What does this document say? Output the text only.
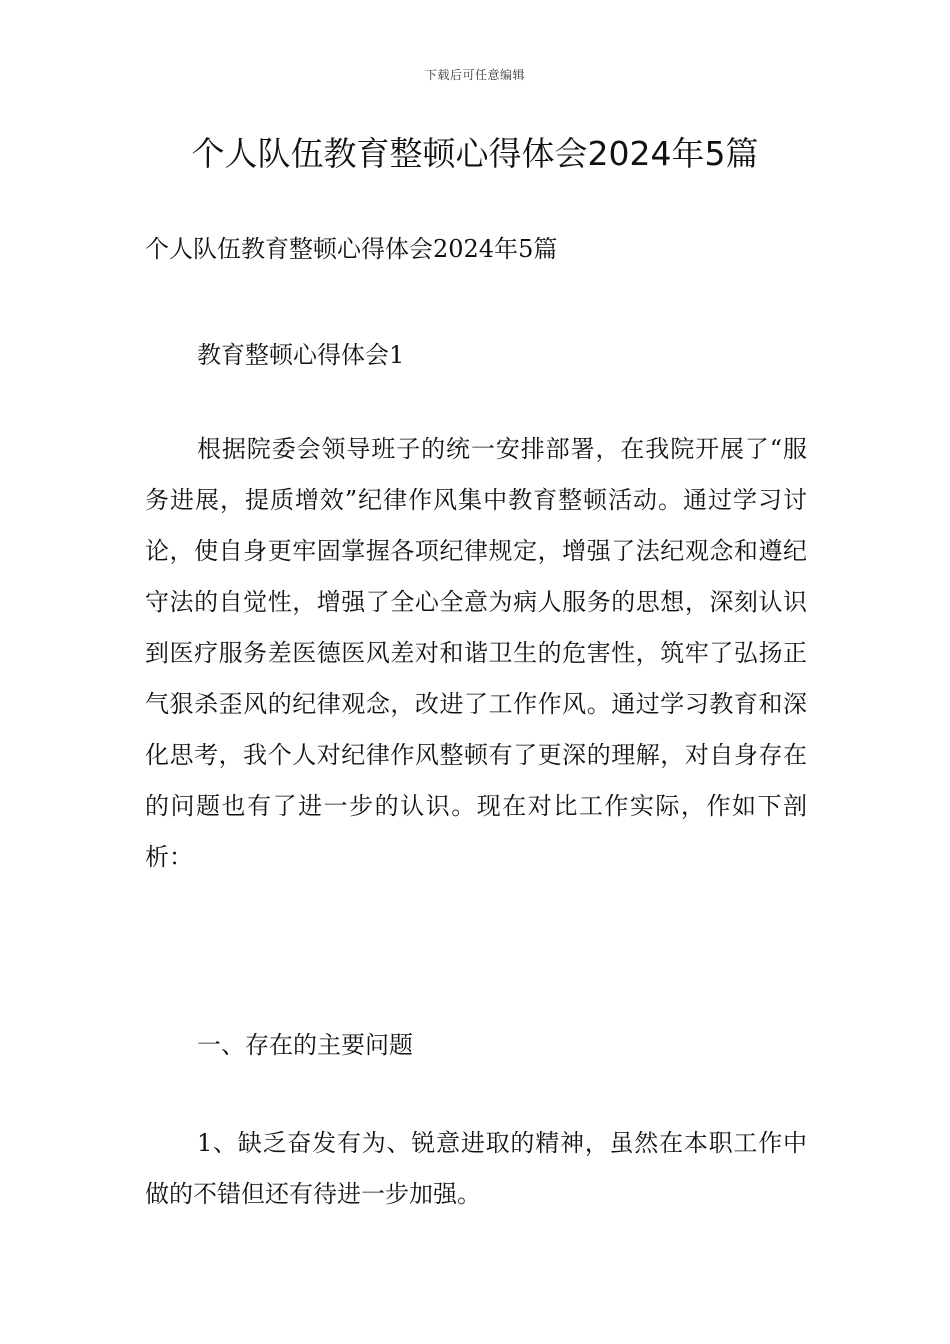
下载后可任意编辑
个人队伍教育整顿心得体会2024年5篇

个人队伍教育整顿心得体会2024年5篇

教育整顿心得体会1

根据院委会领导班子的统一安排部署，在我院开展了“服务进展，提质增效”纪律作风集中教育整顿活动。通过学习讨论，使自身更牢固掌握各项纪律规定，增强了法纪观念和遵纪守法的自觉性，增强了全心全意为病人服务的思想，深刻认识到医疗服务差医德医风差对和谐卫生的危害性，筑牢了弘扬正气狠杀歪风的纪律观念，改进了工作作风。通过学习教育和深化思考，我个人对纪律作风整顿有了更深的理解，对自身存在的问题也有了进一步的认识。现在对比工作实际，作如下剖析：

一、存在的主要问题

1、缺乏奋发有为、锐意进取的精神，虽然在本职工作中做的不错但还有待进一步加强。
